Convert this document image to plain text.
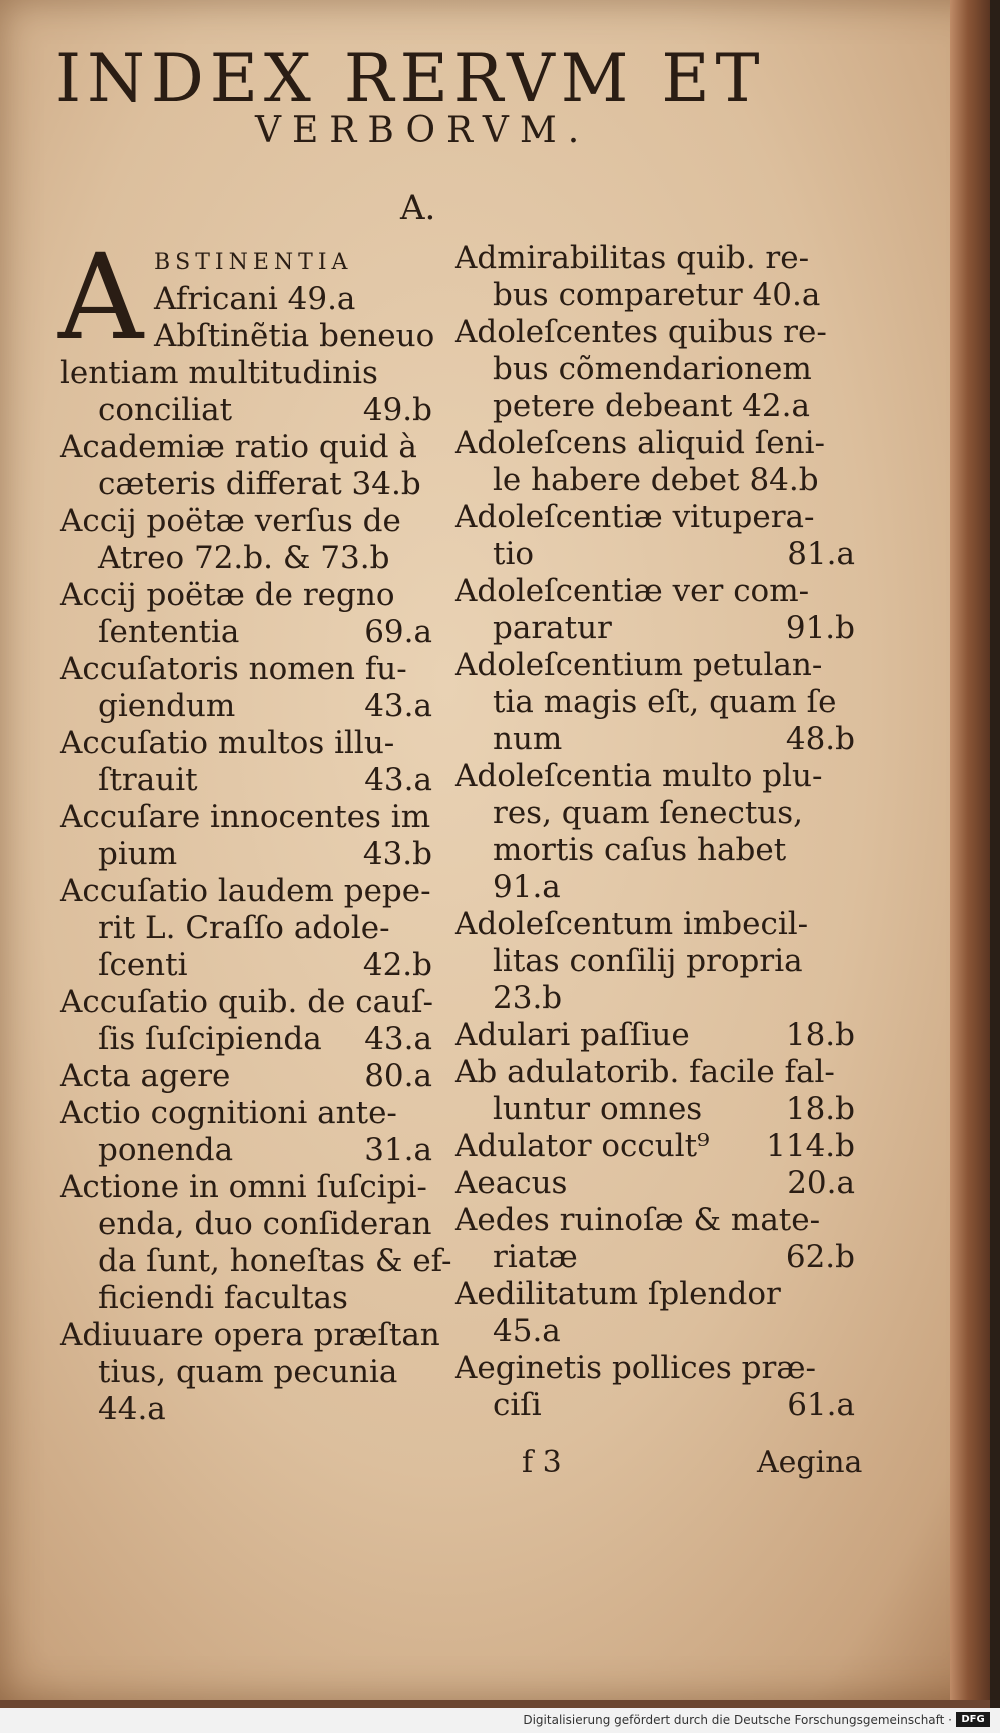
INDEX RERVM ET
VERBORVM.
A.
A BSTINENTIA
Africani 49.a
Abſtinẽtia beneuo
lentiam multitudinis
conciliat	49.b
Academiæ ratio quid à
cæteris differat 34.b
Accij poëtæ verſus de
Atreo 72.b. & 73.b
Accij poëtæ de regno
ſententia	69.a
Accuſatoris nomen fu-
giendum	43.a
Accuſatio multos illu-
ſtrauit	43.a
Accuſare innocentes im
pium	43.b
Accuſatio laudem pepe-
rit L. Craſſo adole-
ſcenti	42.b
Accuſatio quib. de cauſ-
ſis ſuſcipienda 43.a
Acta agere	80.a
Actio cognitioni ante-
ponenda	31.a
Actione in omni ſuſcipi-
enda, duo conſideran
da ſunt, honeſtas & ef-
ficiendi facultas
Adiuuare opera præſtan
tius, quam pecunia
44.a
Admirabilitas quib. re-
bus comparetur 40.a
Adoleſcentes quibus re-
bus cõmendarionem
petere debeant 42.a
Adoleſcens aliquid ſeni-
le habere debet 84.b
Adoleſcentiæ vitupera-
tio	81.a
Adoleſcentiæ ver com-
paratur	91.b
Adoleſcentium petulan-
tia magis eſt, quam ſe
num	48.b
Adoleſcentia multo plu-
res, quam ſenectus,
mortis caſus habet
91.a
Adoleſcentum imbecil-
litas conſilij propria
23.b
Adulari paſſiue	18.b
Ab adulatorib. facile fal-
luntur omnes	18.b
Adulator occult⁹ 114.b
Aeacus	20.a
Aedes ruinoſæ & mate-
riatæ	62.b
Aedilitatum ſplendor
45.a
Aeginetis pollices præ-
ciſi	61.a
f 3	Aegina
Digitalisierung gefördert durch die Deutsche Forschungsgemeinschaft · DFG
